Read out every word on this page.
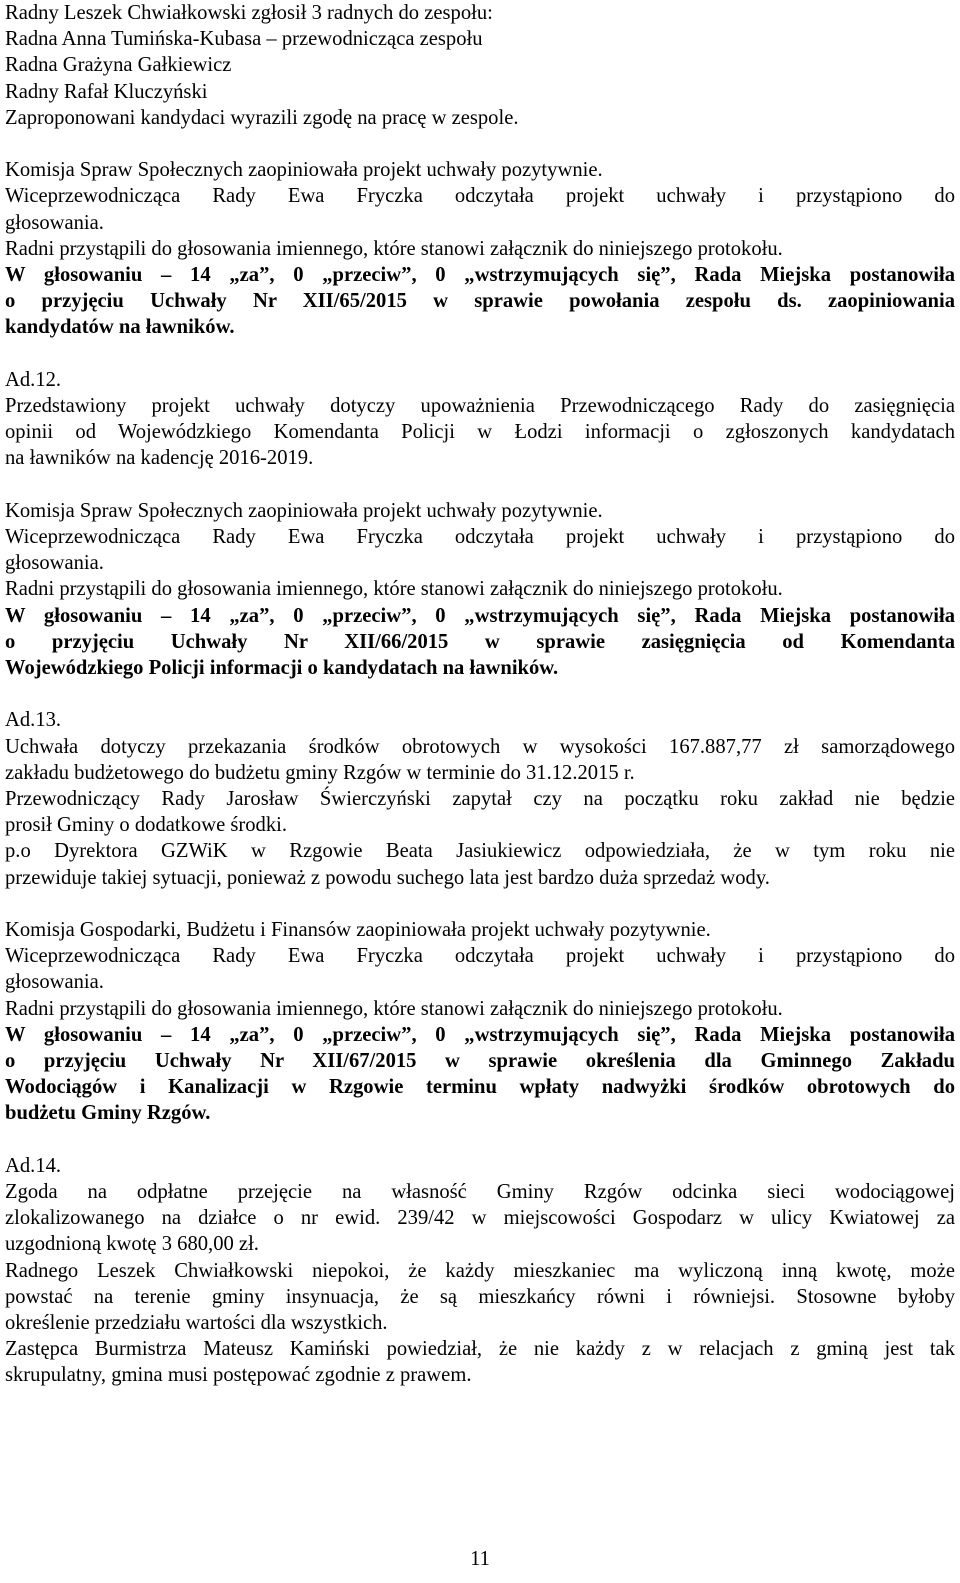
Radny Leszek Chwiałkowski zgłosił 3 radnych do zespołu:
Radna Anna Tumińska-Kubasa – przewodnicząca zespołu
Radna Grażyna Gałkiewicz
Radny Rafał Kluczyński
Zaproponowani kandydaci wyrazili zgodę na pracę w zespole.
Komisja Spraw Społecznych zaopiniowała projekt uchwały pozytywnie.
Wiceprzewodnicząca Rady Ewa Fryczka odczytała projekt uchwały i przystąpiono do
głosowania.
Radni przystąpili do głosowania imiennego, które stanowi załącznik do niniejszego protokołu.
W głosowaniu – 14 „za”, 0 „przeciw”, 0 „wstrzymujących się”, Rada Miejska postanowiła
o przyjęciu Uchwały Nr XII/65/2015 w sprawie powołania zespołu ds. zaopiniowania
kandydatów na ławników.
Ad.12.
Przedstawiony projekt uchwały dotyczy upoważnienia Przewodniczącego Rady do zasięgnięcia
opinii od Wojewódzkiego Komendanta Policji w Łodzi informacji o zgłoszonych kandydatach
na ławników na kadencję 2016-2019.
Komisja Spraw Społecznych zaopiniowała projekt uchwały pozytywnie.
Wiceprzewodnicząca Rady Ewa Fryczka odczytała projekt uchwały i przystąpiono do
głosowania.
Radni przystąpili do głosowania imiennego, które stanowi załącznik do niniejszego protokołu.
W głosowaniu – 14 „za”, 0 „przeciw”, 0 „wstrzymujących się”, Rada Miejska postanowiła
o przyjęciu Uchwały Nr XII/66/2015 w sprawie zasięgnięcia od Komendanta
Wojewódzkiego Policji informacji o kandydatach na ławników.
Ad.13.
Uchwała dotyczy przekazania środków obrotowych w wysokości 167.887,77 zł samorządowego
zakładu budżetowego do budżetu gminy Rzgów w terminie do 31.12.2015 r.
Przewodniczący Rady Jarosław Świerczyński zapytał czy na początku roku zakład nie będzie
prosił Gminy o dodatkowe środki.
p.o Dyrektora GZWiK w Rzgowie Beata Jasiukiewicz odpowiedziała, że w tym roku nie
przewiduje takiej sytuacji, ponieważ z powodu suchego lata jest bardzo duża sprzedaż wody.
Komisja Gospodarki, Budżetu i Finansów zaopiniowała projekt uchwały pozytywnie.
Wiceprzewodnicząca Rady Ewa Fryczka odczytała projekt uchwały i przystąpiono do
głosowania.
Radni przystąpili do głosowania imiennego, które stanowi załącznik do niniejszego protokołu.
W głosowaniu – 14 „za”, 0 „przeciw”, 0 „wstrzymujących się”, Rada Miejska postanowiła
o przyjęciu Uchwały Nr XII/67/2015 w sprawie określenia dla Gminnego Zakładu
Wodociągów i Kanalizacji w Rzgowie terminu wpłaty nadwyżki środków obrotowych do
budżetu Gminy Rzgów.
Ad.14.
Zgoda na odpłatne przejęcie na własność Gminy Rzgów odcinka sieci wodociągowej
zlokalizowanego na działce o nr ewid. 239/42 w miejscowości Gospodarz w ulicy Kwiatowej za
uzgodnioną kwotę 3 680,00 zł.
Radnego Leszek Chwiałkowski niepokoi, że każdy mieszkaniec ma wyliczoną inną kwotę, może
powstać na terenie gminy insynuacja, że są mieszkańcy równi i równiejsi. Stosowne byłoby
określenie przedziału wartości dla wszystkich.
Zastępca Burmistrza Mateusz Kamiński powiedział, że nie każdy z w relacjach z gminą jest tak
skrupulatny, gmina musi postępować zgodnie z prawem.
11
